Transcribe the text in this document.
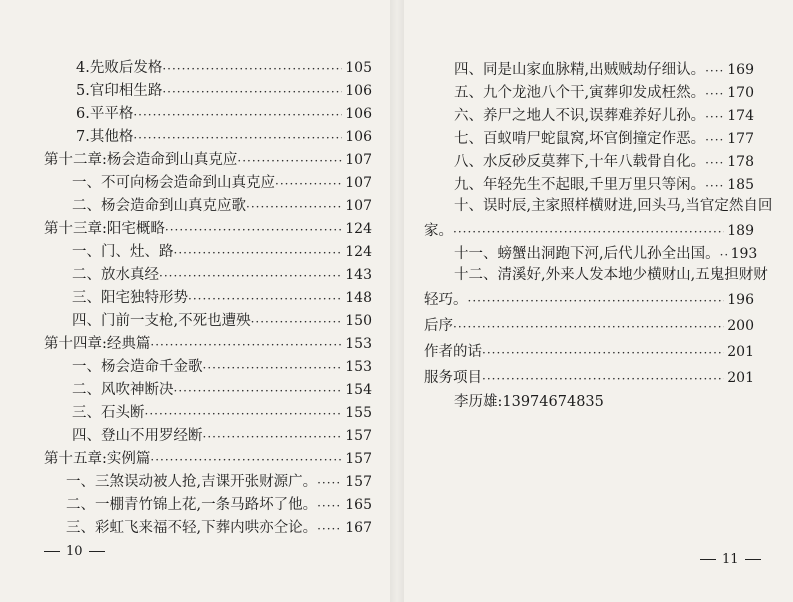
4.先败后发格 ·····	105
5.官印相生路 ·····	106
6.平平格 ·····	106
7.其他格 ·····	106
第十二章:杨会造命到山真克应 ·····	107
一、不可向杨会造命到山真克应 ·····	107
二、杨会造命到山真克应歌 ·····	107
第十三章:阳宅概略 ·····	124
一、门、灶、路 ·····	124
二、放水真经 ·····	143
三、阳宅独特形势 ·····	148
四、门前一支枪,不死也遭殃 ·····	150
第十四章:经典篇 ·····	153
一、杨会造命千金歌 ·····	153
二、风吹神断决 ·····	154
三、石头断 ·····	155
四、登山不用罗经断 ·····	157
第十五章:实例篇 ·····	157
一、三煞误动被人抢,吉课开张财源广。 ····· 157
二、一棚青竹锦上花,一条马路坏了他。 ····· 165
三、彩虹飞来福不轻,下葬内哄亦仝论。 ····· 167
10
四、同是山家血脉精,出贼贼劫仔细认。 ····· 169
五、九个龙池八个干,寅葬卯发成枉然。 ····· 170
六、养尸之地人不识,误葬难养好儿孙。 ····· 174
七、百蚁啃尸蛇鼠窝,坏官倒撞定作恶。 ····· 177
八、水反砂反莫葬下,十年八载骨自化。 ····· 178
九、年轻先生不起眼,千里万里只等闲。 ····· 185
十、误时辰,主家照样横财进,回头马,当官定然自回
家。 ·····	189
十一、螃蟹出洞跑下河,后代儿孙全出国。 ····· 193
十二、清溪好,外来人发本地少横财山,五鬼担财财
轻巧。 ·····	196
后序 ·····	200
作者的话 ·····	201
服务项目 ·····	201
李历雄:13974674835
11
